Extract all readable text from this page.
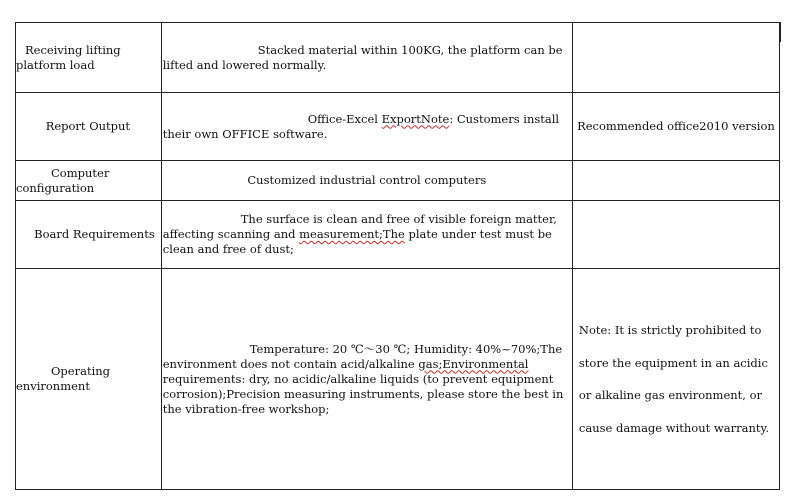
Receiving lifting platform load	Stacked material within 100KG, the platform can be lifted and lowered normally.	

Report Output	Office-Excel ExportNote: Customers install their own OFFICE software.	Recommended office2010 version

Computer configuration	Customized industrial control computers	

Board Requirements	The surface is clean and free of visible foreign matter, affecting scanning and measurement;The plate under test must be clean and free of dust;	

Operating environment	Temperature: 20 ℃～30 ℃; Humidity: 40%~70%;The environment does not contain acid/alkaline gas;Environmental requirements: dry, no acidic/alkaline liquids (to prevent equipment corrosion);Precision measuring instruments, please store the best in the vibration-free workshop;	Note: It is strictly prohibited to store the equipment in an acidic or alkaline gas environment, or cause damage without warranty.
